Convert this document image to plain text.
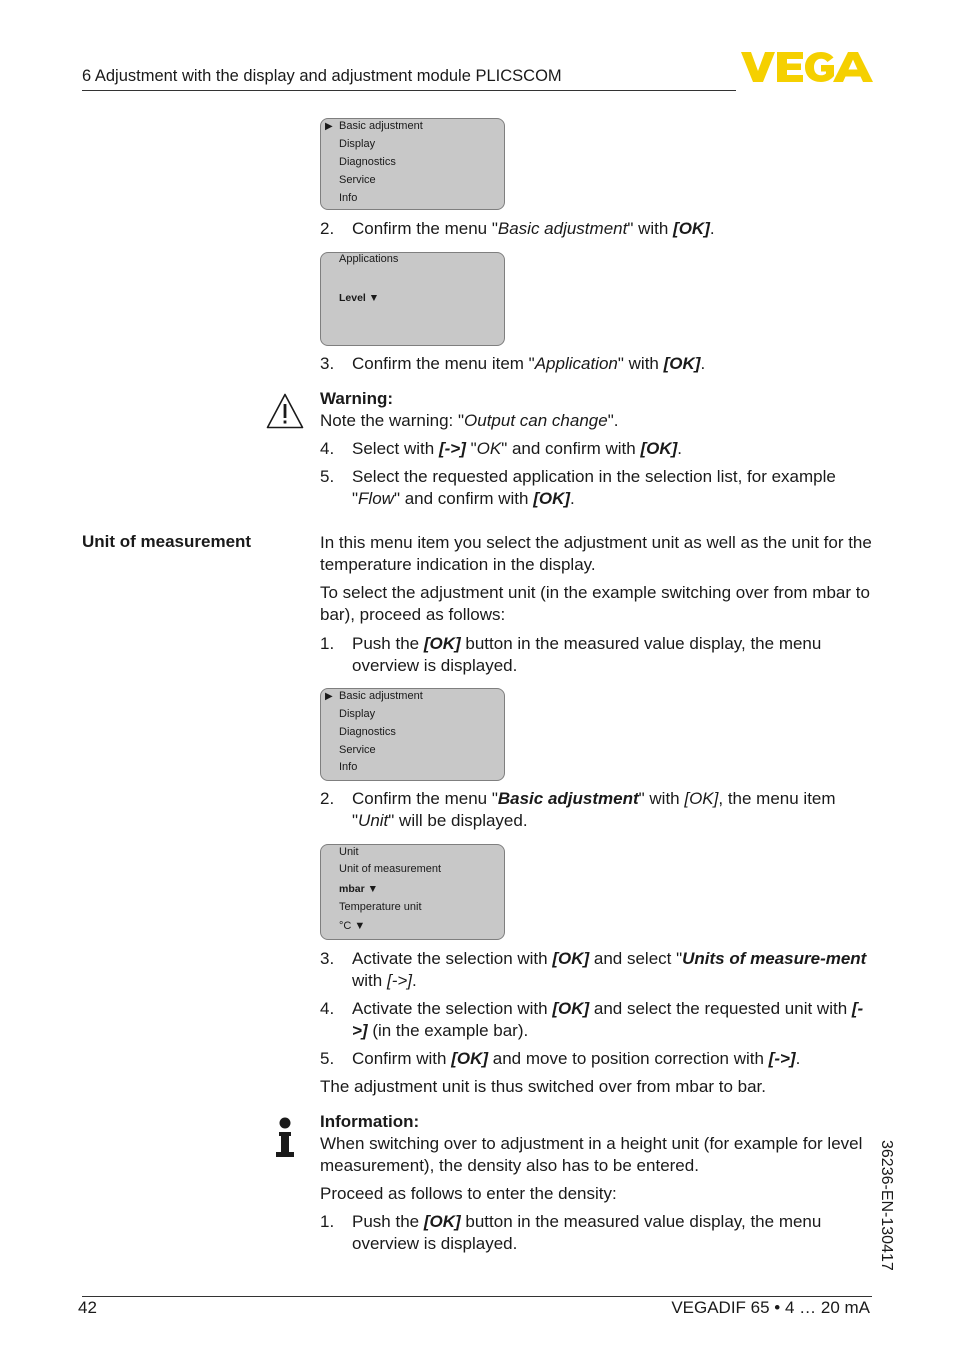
6 Adjustment with the display and adjustment module PLICSCOM
▶ Basic adjustment
Display
Diagnostics
Service
Info
2. Confirm the menu "Basic adjustment" with [OK].
Applications
Level ▼
3. Confirm the menu item "Application" with [OK].
Warning:
Note the warning: "Output can change".
4. Select with [->] "OK" and confirm with [OK].
5. Select the requested application in the selection list, for example "Flow" and confirm with [OK].
Unit of measurement	In this menu item you select the adjustment unit as well as the unit for the temperature indication in the display.
To select the adjustment unit (in the example switching over from mbar to bar), proceed as follows:
1. Push the [OK] button in the measured value display, the menu overview is displayed.
▶ Basic adjustment
Display
Diagnostics
Service
Info
2. Confirm the menu "Basic adjustment" with [OK], the menu item "Unit" will be displayed.
Unit
Unit of measurement
mbar ▼
Temperature unit
°C ▼
3. Activate the selection with [OK] and select "Units of measure-ment with [->].
4. Activate the selection with [OK] and select the requested unit with [->] (in the example bar).
5. Confirm with [OK] and move to position correction with [->].
The adjustment unit is thus switched over from mbar to bar.
Information:
When switching over to adjustment in a height unit (for example for level measurement), the density also has to be entered.
Proceed as follows to enter the density:
1. Push the [OK] button in the measured value display, the menu overview is displayed.	36236-EN-130417
42	VEGADIF 65 • 4 … 20 mA
